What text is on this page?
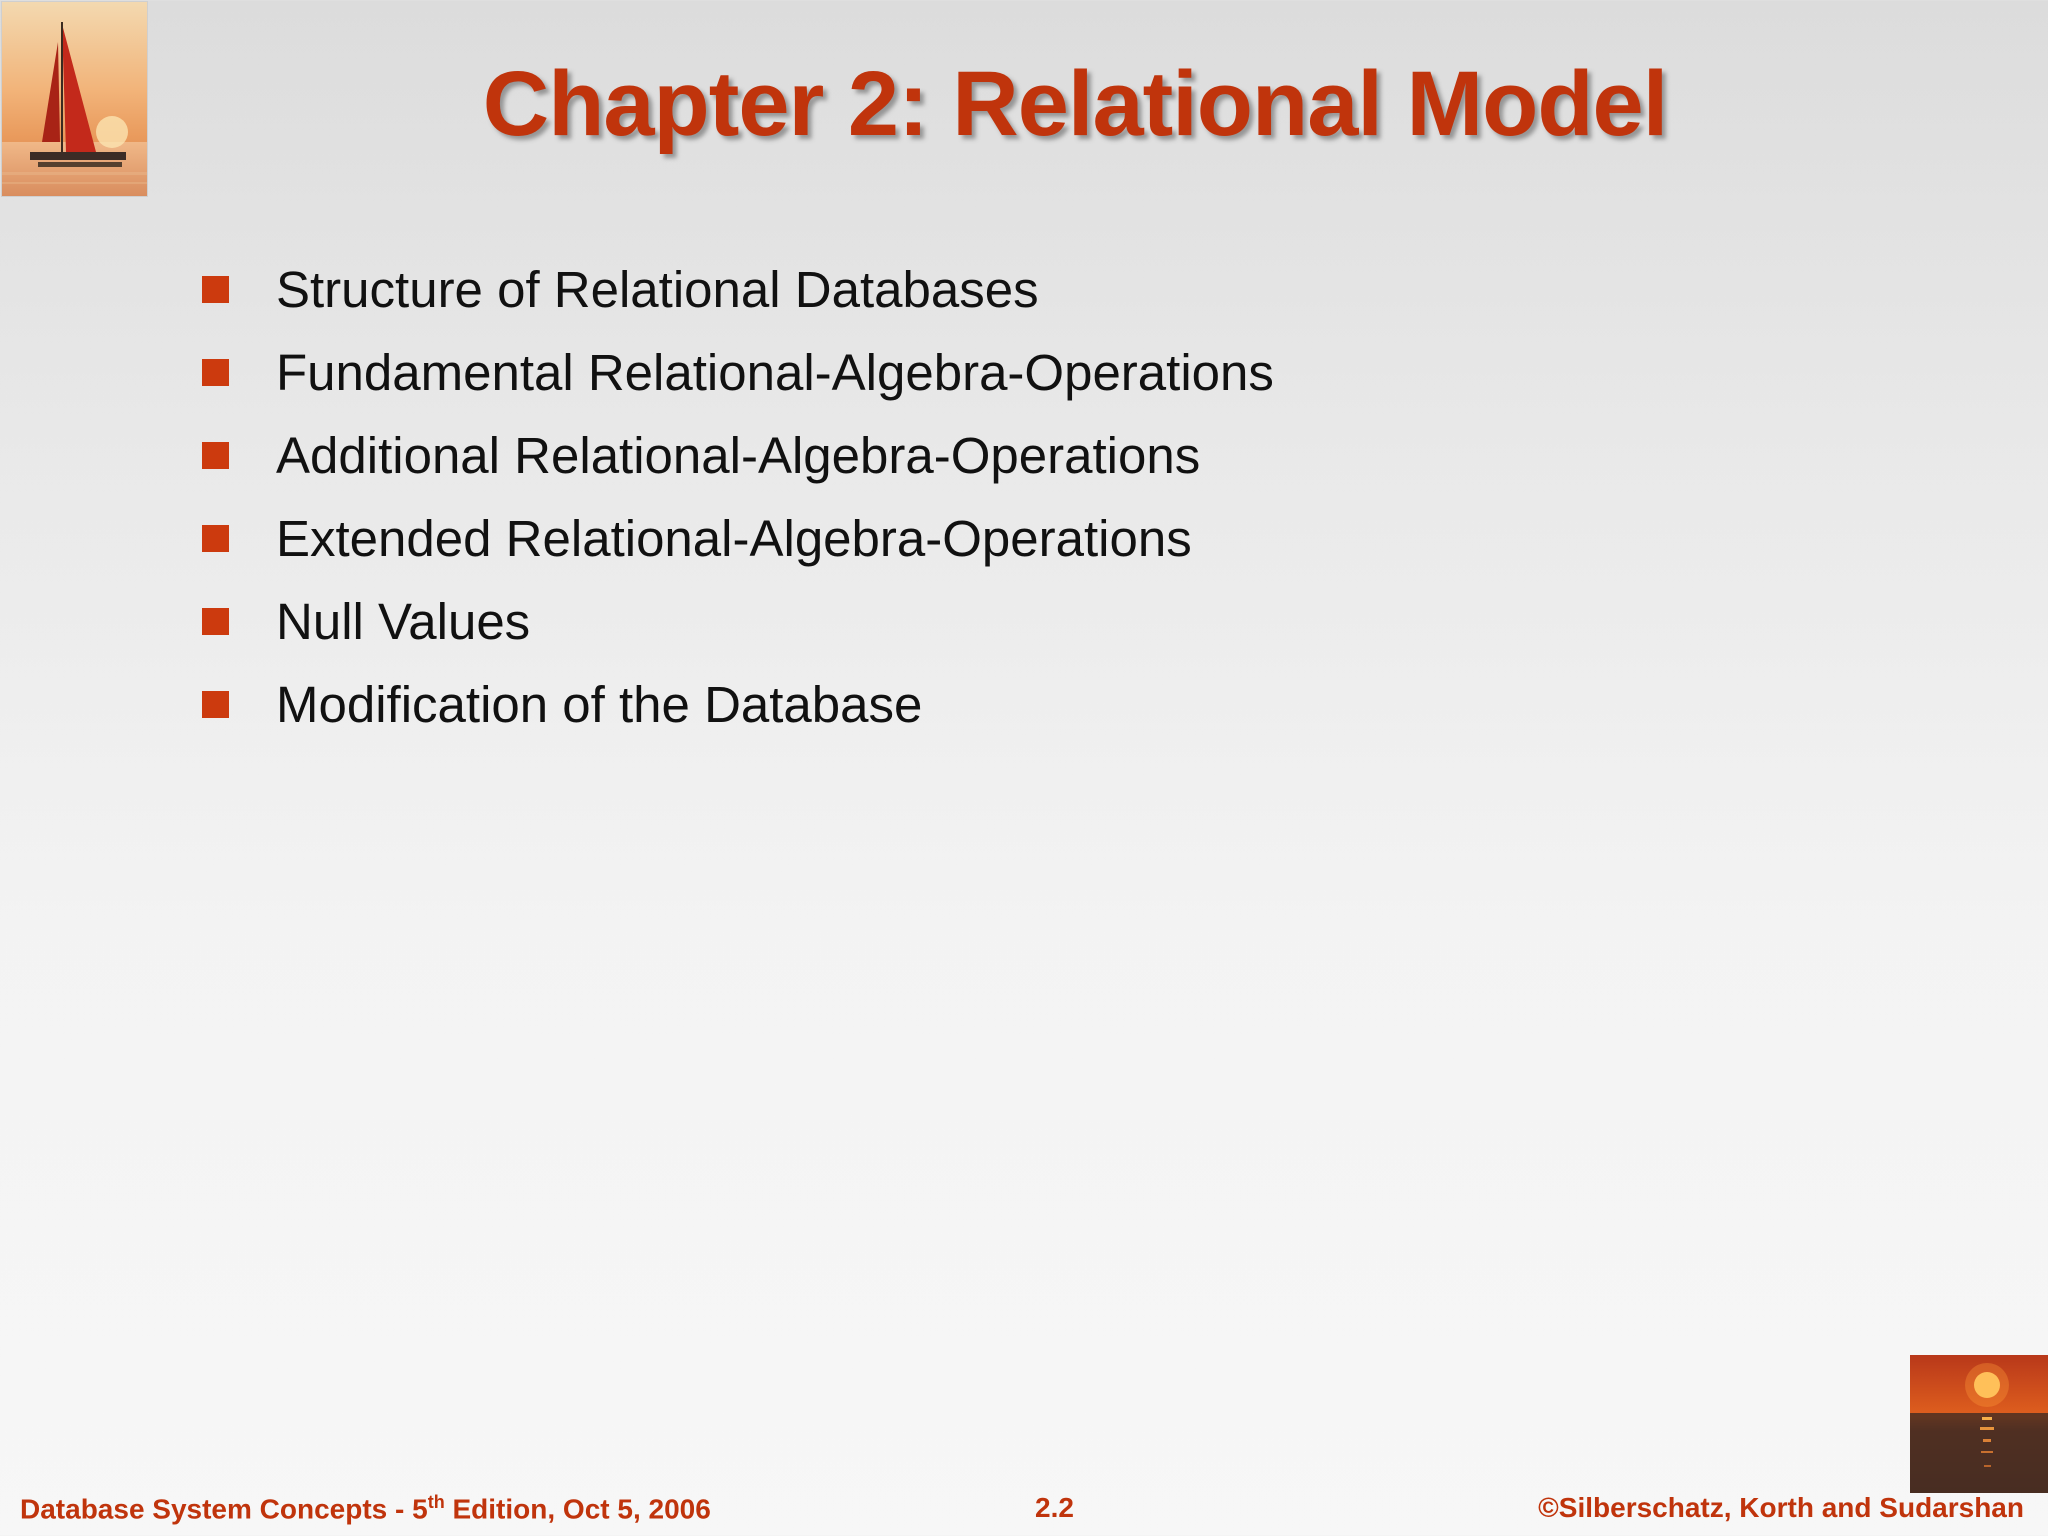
Chapter 2: Relational Model
Structure of Relational Databases
Fundamental Relational-Algebra-Operations
Additional Relational-Algebra-Operations
Extended Relational-Algebra-Operations
Null Values
Modification of the Database
Database System Concepts - 5th Edition, Oct 5, 2006	2.2	©Silberschatz, Korth and Sudarshan
